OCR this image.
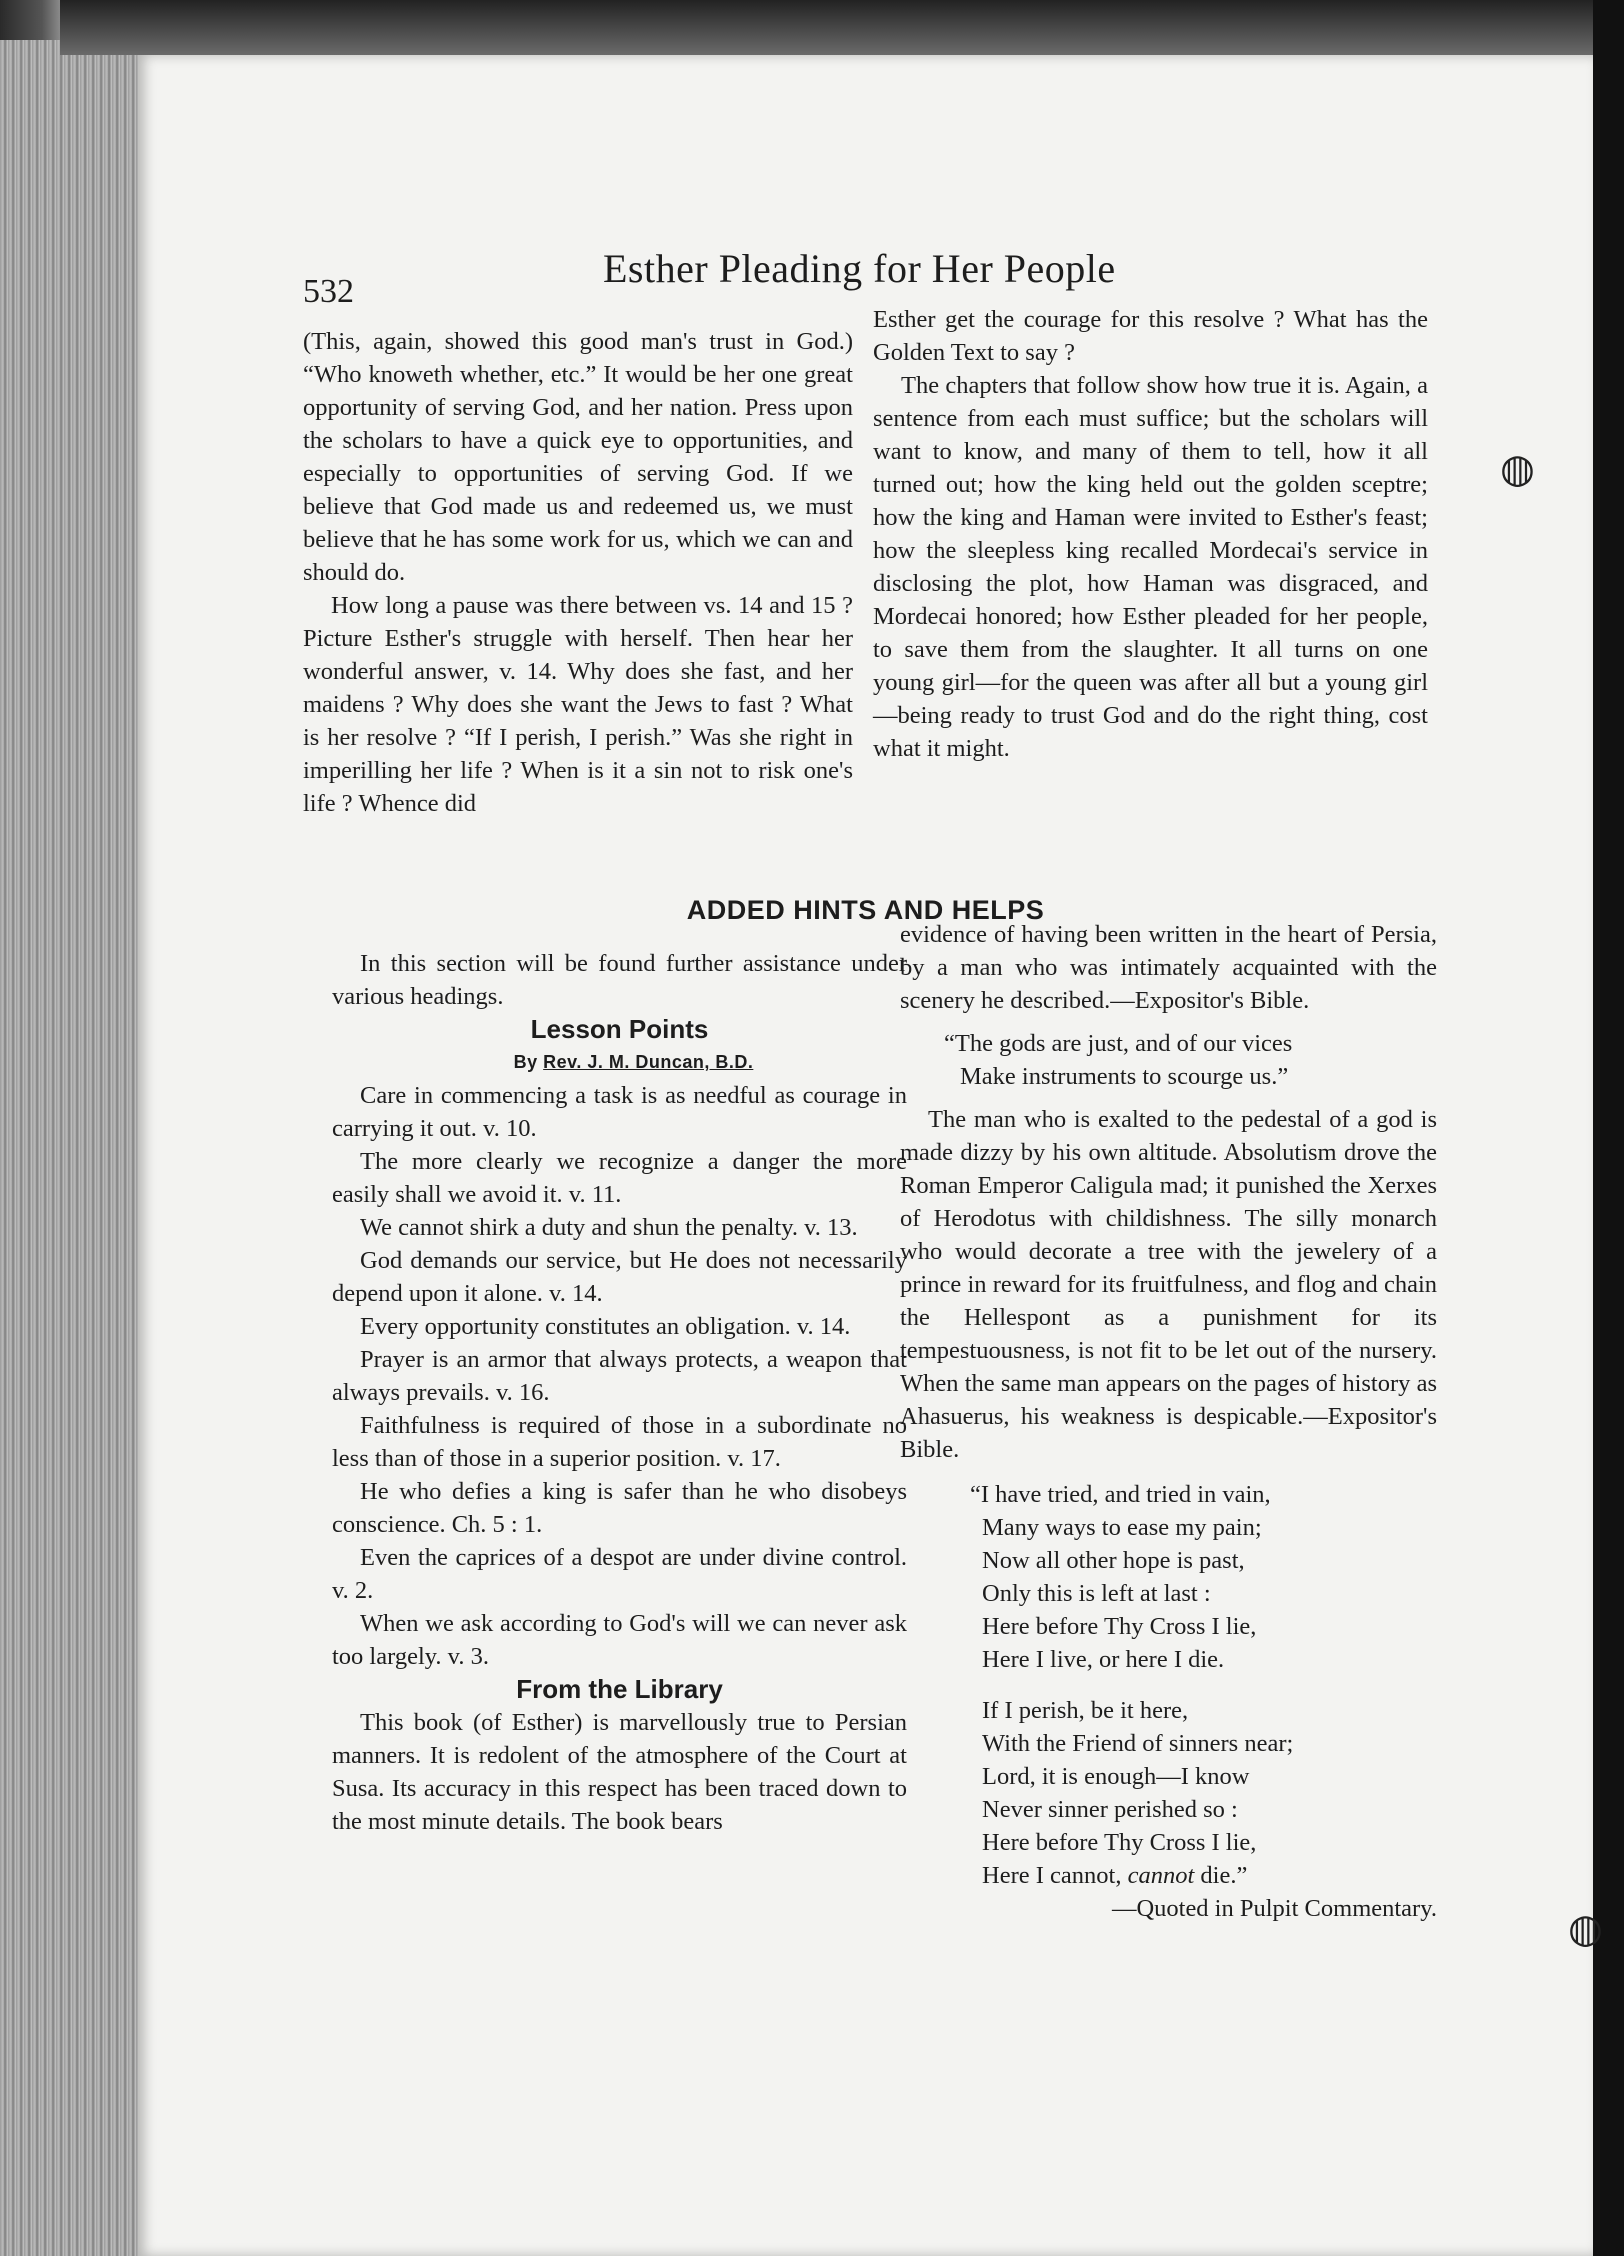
532
Esther Pleading for Her People

(This, again, showed this good man's trust in God.) “Who knoweth whether, etc.” It would be her one great opportunity of serving God, and her nation. Press upon the scholars to have a quick eye to opportunities, and especially to opportunities of serving God. If we believe that God made us and redeemed us, we must believe that he has some work for us, which we can and should do.

How long a pause was there between vs. 14 and 15 ? Picture Esther's struggle with herself. Then hear her wonderful answer, v. 14. Why does she fast, and her maidens ? Why does she want the Jews to fast ? What is her resolve ? “If I perish, I perish.” Was she right in imperilling her life ? When is it a sin not to risk one's life ? Whence did

Esther get the courage for this resolve ? What has the Golden Text to say ?

The chapters that follow show how true it is. Again, a sentence from each must suffice; but the scholars will want to know, and many of them to tell, how it all turned out; how the king held out the golden sceptre; how the king and Haman were invited to Esther's feast; how the sleepless king recalled Mordecai's service in disclosing the plot, how Haman was disgraced, and Mordecai honored; how Esther pleaded for her people, to save them from the slaughter. It all turns on one young girl—for the queen was after all but a young girl—being ready to trust God and do the right thing, cost what it might.

ADDED HINTS AND HELPS

In this section will be found further assistance under various headings.

Lesson Points

By Rev. J. M. Duncan, B.D.

Care in commencing a task is as needful as courage in carrying it out. v. 10.

The more clearly we recognize a danger the more easily shall we avoid it. v. 11.

We cannot shirk a duty and shun the penalty. v. 13.

God demands our service, but He does not necessarily depend upon it alone. v. 14.

Every opportunity constitutes an obligation. v. 14.

Prayer is an armor that always protects, a weapon that always prevails. v. 16.

Faithfulness is required of those in a subordinate no less than of those in a superior position. v. 17.

He who defies a king is safer than he who disobeys conscience. Ch. 5 : 1.

Even the caprices of a despot are under divine control. v. 2.

When we ask according to God's will we can never ask too largely. v. 3.

From the Library

This book (of Esther) is marvellously true to Persian manners. It is redolent of the atmosphere of the Court at Susa. Its accuracy in this respect has been traced down to the most minute details. The book bears

evidence of having been written in the heart of Persia, by a man who was intimately acquainted with the scenery he described.—Expositor's Bible.

“The gods are just, and of our vices

Make instruments to scourge us.”

The man who is exalted to the pedestal of a god is made dizzy by his own altitude. Absolutism drove the Roman Emperor Caligula mad; it punished the Xerxes of Herodotus with childishness. The silly monarch who would decorate a tree with the jewelery of a prince in reward for its fruitfulness, and flog and chain the Hellespont as a punishment for its tempestuousness, is not fit to be let out of the nursery. When the same man appears on the pages of history as Ahasuerus, his weakness is despicable.—Expositor's Bible.

“I have tried, and tried in vain,
Many ways to ease my pain;
Now all other hope is past,
Only this is left at last :
Here before Thy Cross I lie,
Here I live, or here I die.
If I perish, be it here,
With the Friend of sinners near;
Lord, it is enough—I know
Never sinner perished so :
Here before Thy Cross I lie,
Here I cannot, cannot die.”

—Quoted in Pulpit Commentary.

◍
◍
